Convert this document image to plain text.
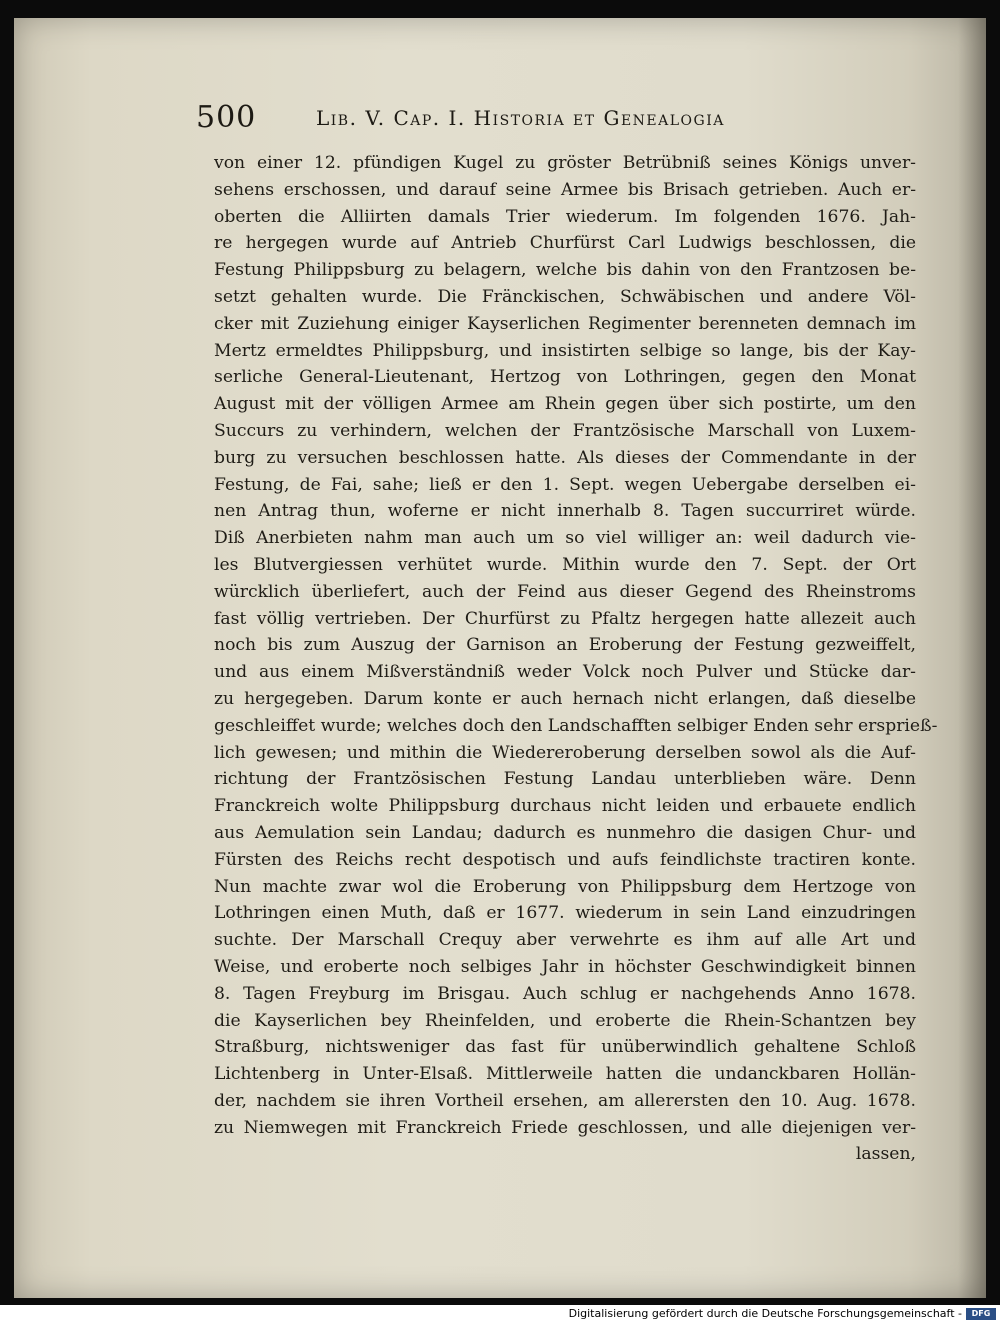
500	Lib. V. Cap. I. Historia et Genealogia
von einer 12. pfündigen Kugel zu gröster Betrübniß seines Königs unver-
sehens erschossen, und darauf seine Armee bis Brisach getrieben. Auch er-
oberten die Alliirten damals Trier wiederum. Im folgenden 1676. Jah-
re hergegen wurde auf Antrieb Churfürst Carl Ludwigs beschlossen, die
Festung Philippsburg zu belagern, welche bis dahin von den Frantzosen be-
setzt gehalten wurde. Die Fränckischen, Schwäbischen und andere Völ-
cker mit Zuziehung einiger Kayserlichen Regimenter berenneten demnach im
Mertz ermeldtes Philippsburg, und insistirten selbige so lange, bis der Kay-
serliche General-Lieutenant, Hertzog von Lothringen, gegen den Monat
August mit der völligen Armee am Rhein gegen über sich postirte, um den
Succurs zu verhindern, welchen der Frantzösische Marschall von Luxem-
burg zu versuchen beschlossen hatte. Als dieses der Commendante in der
Festung, de Fai, sahe; ließ er den 1. Sept. wegen Uebergabe derselben ei-
nen Antrag thun, woferne er nicht innerhalb 8. Tagen succurriret würde.
Diß Anerbieten nahm man auch um so viel williger an: weil dadurch vie-
les Blutvergiessen verhütet wurde. Mithin wurde den 7. Sept. der Ort
würcklich überliefert, auch der Feind aus dieser Gegend des Rheinstroms
fast völlig vertrieben. Der Churfürst zu Pfaltz hergegen hatte allezeit auch
noch bis zum Auszug der Garnison an Eroberung der Festung gezweiffelt,
und aus einem Mißverständniß weder Volck noch Pulver und Stücke dar-
zu hergegeben. Darum konte er auch hernach nicht erlangen, daß dieselbe
geschleiffet wurde; welches doch den Landschafften selbiger Enden sehr ersprieß-
lich gewesen; und mithin die Wiedereroberung derselben sowol als die Auf-
richtung der Frantzösischen Festung Landau unterblieben wäre. Denn
Franckreich wolte Philippsburg durchaus nicht leiden und erbauete endlich
aus Aemulation sein Landau; dadurch es nunmehro die dasigen Chur- und
Fürsten des Reichs recht despotisch und aufs feindlichste tractiren konte.
Nun machte zwar wol die Eroberung von Philippsburg dem Hertzoge von
Lothringen einen Muth, daß er 1677. wiederum in sein Land einzudringen
suchte. Der Marschall Crequy aber verwehrte es ihm auf alle Art und
Weise, und eroberte noch selbiges Jahr in höchster Geschwindigkeit binnen
8. Tagen Freyburg im Brisgau. Auch schlug er nachgehends Anno 1678.
die Kayserlichen bey Rheinfelden, und eroberte die Rhein-Schantzen bey
Straßburg, nichtsweniger das fast für unüberwindlich gehaltene Schloß
Lichtenberg in Unter-Elsaß. Mittlerweile hatten die undanckbaren Hollän-
der, nachdem sie ihren Vortheil ersehen, am allerersten den 10. Aug. 1678.
zu Niemwegen mit Franckreich Friede geschlossen, und alle diejenigen ver-
lassen,
Digitalisierung gefördert durch die Deutsche Forschungsgemeinschaft -	DFG
